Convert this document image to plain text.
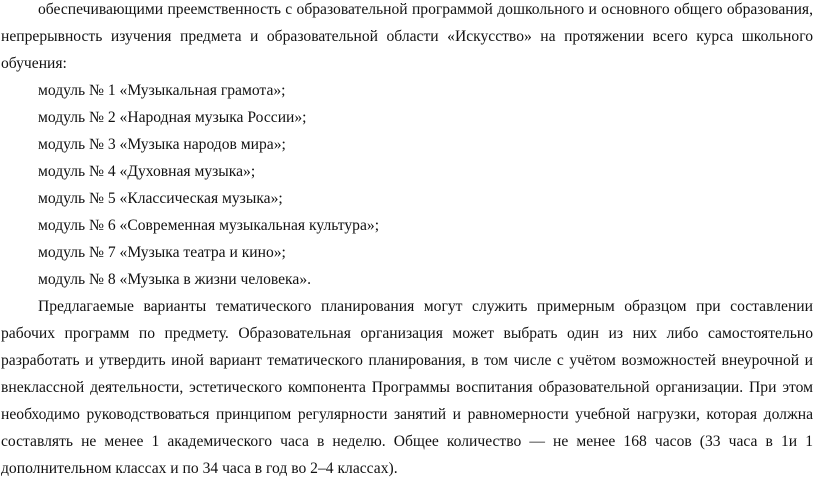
обеспечивающими преемственность с образовательной программой дошкольного и основного общего образования,
непрерывность изучения предмета и образовательной области «Искусство» на протяжении всего курса школьного
обучения:
модуль № 1 «Музыкальная грамота»;
модуль № 2 «Народная музыка России»;
модуль № 3 «Музыка народов мира»;
модуль № 4 «Духовная музыка»;
модуль № 5 «Классическая музыка»;
модуль № 6 «Современная музыкальная культура»;
модуль № 7 «Музыка театра и кино»;
модуль № 8 «Музыка в жизни человека».
Предлагаемые варианты тематического планирования могут служить примерным образцом при составлении
рабочих программ по предмету. Образовательная организация может выбрать один из них либо самостоятельно
разработать и утвердить иной вариант тематического планирования, в том числе с учётом возможностей внеурочной и
внеклассной деятельности, эстетического компонента Программы воспитания образовательной организации. При этом
необходимо руководствоваться принципом регулярности занятий и равномерности учебной нагрузки, которая должна
составлять не менее 1 академического часа в неделю. Общее количество — не менее 168 часов (33 часа в 1и 1
дополнительном классах и по 34 часа в год во 2–4 классах).
